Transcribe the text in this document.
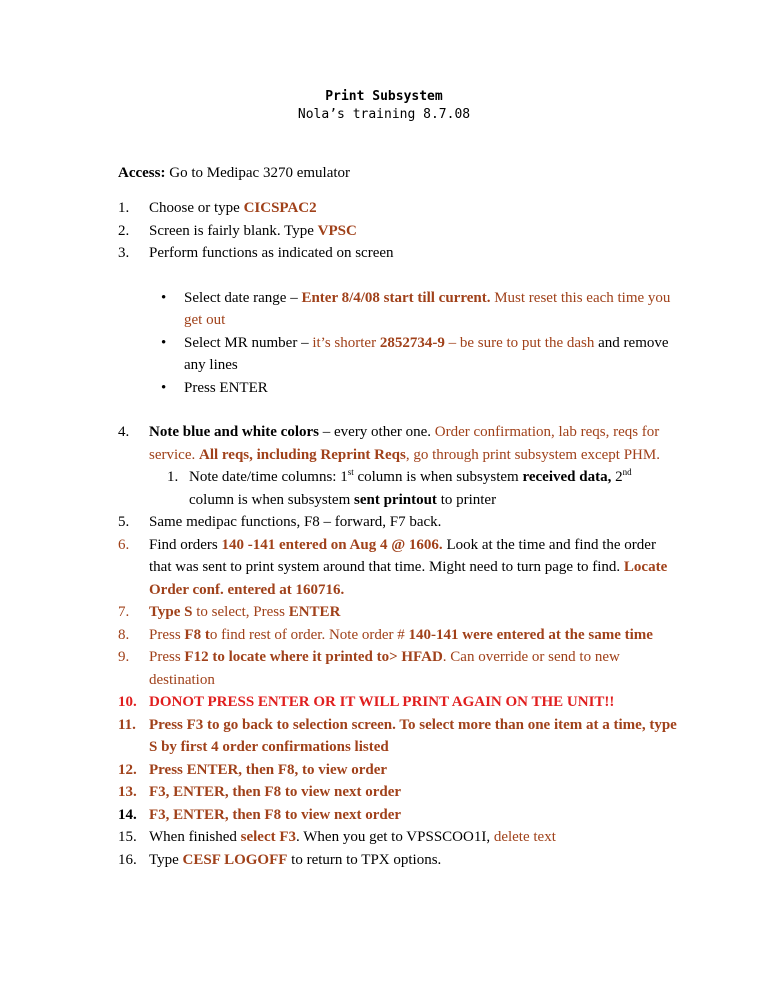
Print Subsystem
Nola’s training 8.7.08
Access: Go to Medipac 3270 emulator
1.	Choose or type CICSPAC2
2.	Screen is fairly blank. Type VPSC
3.	Perform functions as indicated on screen
• Select date range – Enter 8/4/08 start till current. Must reset this each time you get out
• Select MR number – it’s shorter 2852734-9 – be sure to put the dash and remove any lines
• Press ENTER
4.	Note blue and white colors – every other one. Order confirmation, lab reqs, reqs for service. All reqs, including Reprint Reqs, go through print subsystem except PHM.
1. Note date/time columns: 1st column is when subsystem received data, 2nd column is when subsystem sent printout to printer
5.	Same medipac functions, F8 – forward, F7 back.
6.	Find orders 140 -141 entered on Aug 4 @ 1606. Look at the time and find the order that was sent to print system around that time. Might need to turn page to find. Locate Order conf. entered at 160716.
7.	Type S to select, Press ENTER
8.	Press F8 to find rest of order. Note order # 140-141 were entered at the same time
9.	Press F12 to locate where it printed to> HFAD. Can override or send to new destination
10. DONOT PRESS ENTER OR IT WILL PRINT AGAIN ON THE UNIT!!
11. Press F3 to go back to selection screen. To select more than one item at a time, type S by first 4 order confirmations listed
12. Press ENTER, then F8, to view order
13. F3, ENTER, then F8 to view next order
14. F3, ENTER, then F8 to view next order
15. When finished select F3. When you get to VPSSCOO1I, delete text
16. Type CESF LOGOFF to return to TPX options.
